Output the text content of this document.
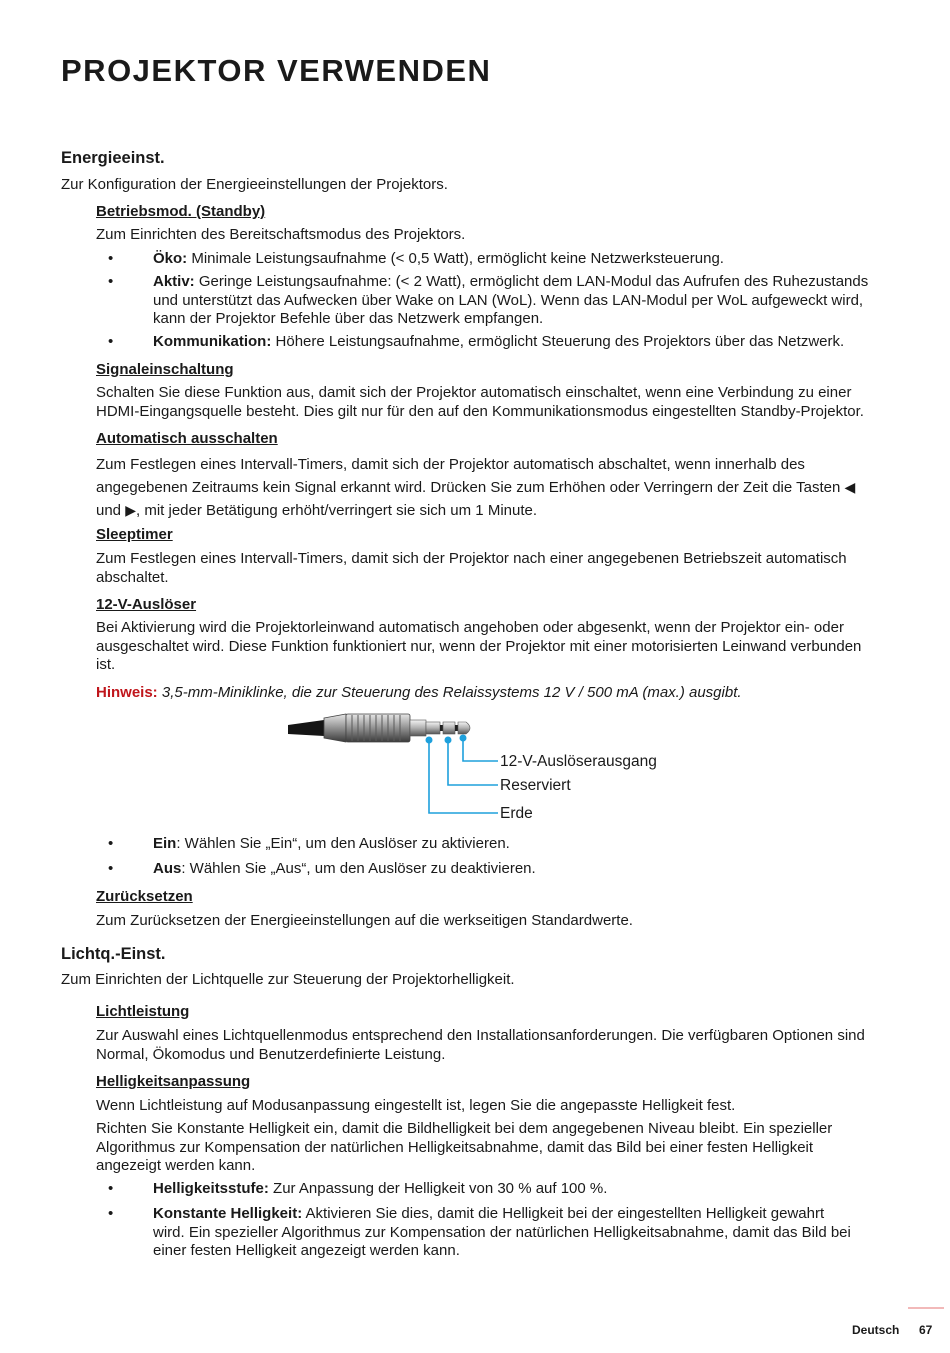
PROJEKTOR VERWENDEN
Energieeinst.

Zur Konfiguration der Energieeinstellungen der Projektors.

Betriebsmod. (Standby)

Zum Einrichten des Bereitschaftsmodus des Projektors.

•	Öko: Minimale Leistungsaufnahme (< 0,5 Watt), ermöglicht keine Netzwerksteuerung.

•	Aktiv: Geringe Leistungsaufnahme: (< 2 Watt), ermöglicht dem LAN-Modul das Aufrufen des Ruhezustands
und unterstützt das Aufwecken über Wake on LAN (WoL). Wenn das LAN-Modul per WoL aufgeweckt wird,
kann der Projektor Befehle über das Netzwerk empfangen.

•	Kommunikation: Höhere Leistungsaufnahme, ermöglicht Steuerung des Projektors über das Netzwerk.

Signaleinschaltung

Schalten Sie diese Funktion aus, damit sich der Projektor automatisch einschaltet, wenn eine Verbindung zu einer
HDMI-Eingangsquelle besteht. Dies gilt nur für den auf den Kommunikationsmodus eingestellten Standby-Projektor.

Automatisch ausschalten

Zum Festlegen eines Intervall-Timers, damit sich der Projektor automatisch abschaltet, wenn innerhalb des
angegebenen Zeitraums kein Signal erkannt wird. Drücken Sie zum Erhöhen oder Verringern der Zeit die Tasten ◀
und ▶, mit jeder Betätigung erhöht/verringert sie sich um 1 Minute.

Sleeptimer

Zum Festlegen eines Intervall-Timers, damit sich der Projektor nach einer angegebenen Betriebszeit automatisch
abschaltet.

12-V-Auslöser

Bei Aktivierung wird die Projektorleinwand automatisch angehoben oder abgesenkt, wenn der Projektor ein- oder
ausgeschaltet wird. Diese Funktion funktioniert nur, wenn der Projektor mit einer motorisierten Leinwand verbunden
ist.

Hinweis: 3,5-mm-Miniklinke, die zur Steuerung des Relaissystems 12 V / 500 mA (max.) ausgibt.

12-V-Auslöserausgang

Reserviert

Erde

•	Ein: Wählen Sie „Ein“, um den Auslöser zu aktivieren.

•	Aus: Wählen Sie „Aus“, um den Auslöser zu deaktivieren.

Zurücksetzen

Zum Zurücksetzen der Energieeinstellungen auf die werkseitigen Standardwerte.

Lichtq.-Einst.

Zum Einrichten der Lichtquelle zur Steuerung der Projektorhelligkeit.

Lichtleistung

Zur Auswahl eines Lichtquellenmodus entsprechend den Installationsanforderungen. Die verfügbaren Optionen sind
Normal, Ökomodus und Benutzerdefinierte Leistung.

Helligkeitsanpassung

Wenn Lichtleistung auf Modusanpassung eingestellt ist, legen Sie die angepasste Helligkeit fest.

Richten Sie Konstante Helligkeit ein, damit die Bildhelligkeit bei dem angegebenen Niveau bleibt. Ein spezieller
Algorithmus zur Kompensation der natürlichen Helligkeitsabnahme, damit das Bild bei einer festen Helligkeit
angezeigt werden kann.

•	Helligkeitsstufe: Zur Anpassung der Helligkeit von 30 % auf 100 %.

•	Konstante Helligkeit: Aktivieren Sie dies, damit die Helligkeit bei der eingestellten Helligkeit gewahrt
wird. Ein spezieller Algorithmus zur Kompensation der natürlichen Helligkeitsabnahme, damit das Bild bei
einer festen Helligkeit angezeigt werden kann.

Deutsch 67
